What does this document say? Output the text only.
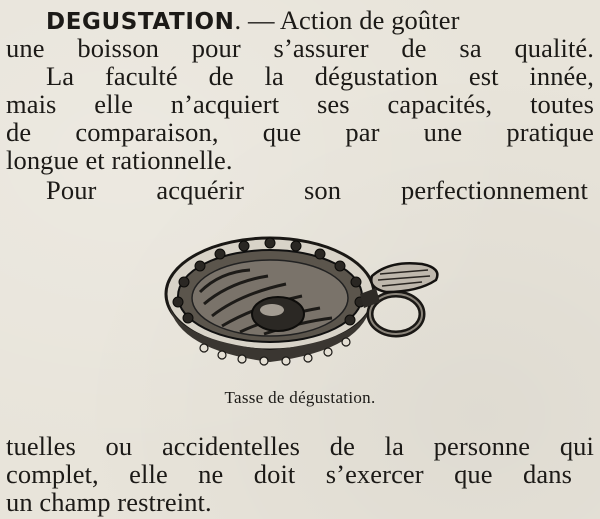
DEGUSTATION. — Action de goûter
une boisson pour s’assurer de sa qualité.
La faculté de la dégustation est innée,
mais elle n’acquiert ses capacités, toutes
de comparaison, que par une pratique
longue et rationnelle.
Pour acquérir son perfectionnement
Tasse de dégustation.
tuelles ou accidentelles de la personne qui
complet, elle ne doit s’exercer que dans
un champ restreint.
